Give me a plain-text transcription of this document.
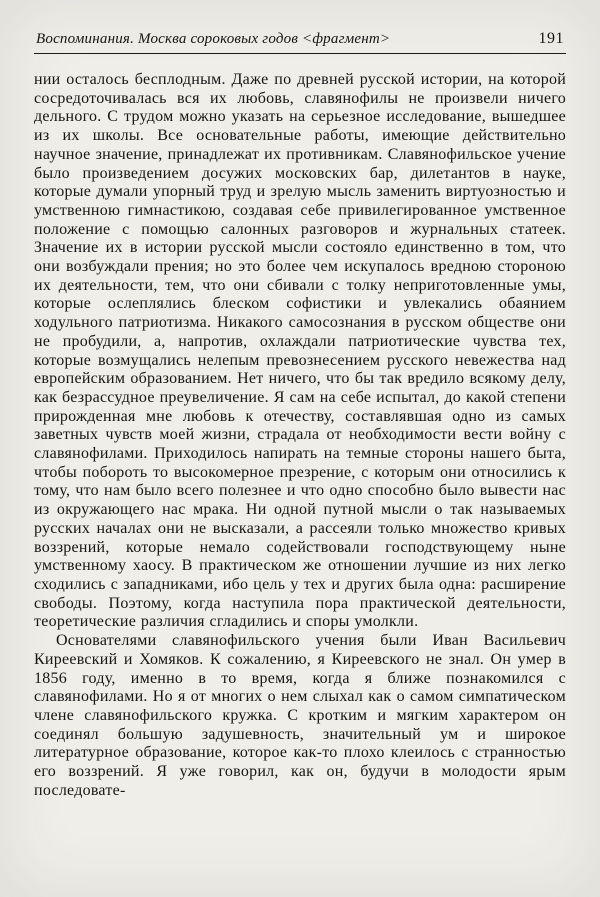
Воспоминания. Москва сороковых годов <фрагмент>	191

нии осталось бесплодным. Даже по древней русской истории, на которой сосредоточивалась вся их любовь, славянофилы не произвели ничего дельного. С трудом можно указать на серьезное исследование, вышедшее из их школы. Все основательные работы, имеющие действительно научное значение, принадлежат их противникам. Славянофильское учение было произведением досужих московских бар, дилетантов в науке, которые думали упорный труд и зрелую мысль заменить виртуозностью и умственною гимнастикою, создавая себе привилегированное умственное положение с помощью салонных разговоров и журнальных статеек. Значение их в истории русской мысли состояло единственно в том, что они возбуждали прения; но это более чем искупалось вредною стороною их деятельности, тем, что они сбивали с толку неприготовленные умы, которые ослеплялись блеском софистики и увлекались обаянием ходульного патриотизма. Никакого самосознания в русском обществе они не пробудили, а, напротив, охлаждали патриотические чувства тех, которые возмущались нелепым превознесением русского невежества над европейским образованием. Нет ничего, что бы так вредило всякому делу, как безрассудное преувеличение. Я сам на себе испытал, до какой степени прирожденная мне любовь к отечеству, составлявшая одно из самых заветных чувств моей жизни, страдала от необходимости вести войну с славянофилами. Приходилось напирать на темные стороны нашего быта, чтобы побороть то высокомерное презрение, с которым они относились к тому, что нам было всего полезнее и что одно способно было вывести нас из окружающего нас мрака. Ни одной путной мысли о так называемых русских началах они не высказали, а рассеяли только множество кривых воззрений, которые немало содействовали господствующему ныне умственному хаосу. В практическом же отношении лучшие из них легко сходились с западниками, ибо цель у тех и других была одна: расширение свободы. Поэтому, когда наступила пора практической деятельности, теоретические различия сгладились и споры умолкли.

Основателями славянофильского учения были Иван Васильевич Киреевский и Хомяков. К сожалению, я Киреевского не знал. Он умер в 1856 году, именно в то время, когда я ближе познакомился с славянофилами. Но я от многих о нем слыхал как о самом симпатическом члене славянофильского кружка. С кротким и мягким характером он соединял большую задушевность, значительный ум и широкое литературное образование, которое как-то плохо клеилось с странностью его воззрений. Я уже говорил, как он, будучи в молодости ярым последовате-
